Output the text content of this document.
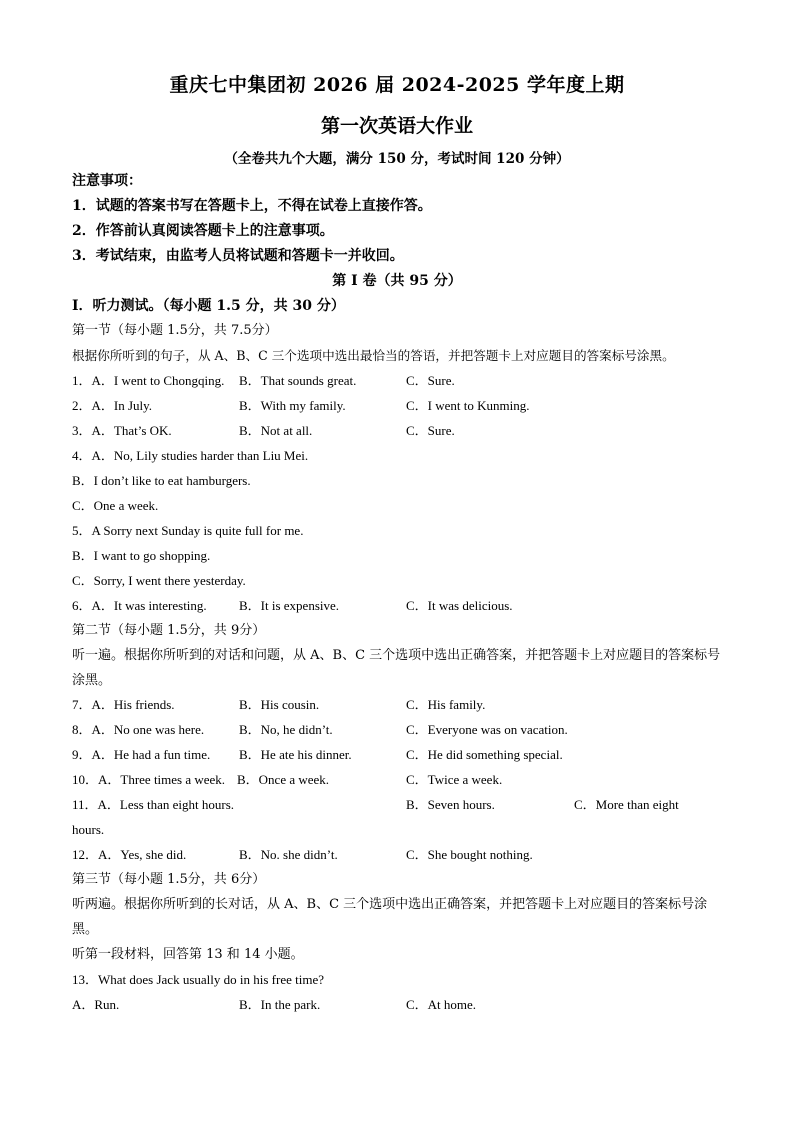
重庆七中集团初 2026 届 2024-2025 学年度上期
第一次英语大作业
（全卷共九个大题，满分 150 分，考试时间 120 分钟）
注意事项：
1．试题的答案书写在答题卡上，不得在试卷上直接作答。
2．作答前认真阅读答题卡上的注意事项。
3．考试结束，由监考人员将试题和答题卡一并收回。
第 I 卷（共 95 分）
I．听力测试。（每小题 1.5 分，共 30 分）
第一节（每小题 1.5分，共 7.5分）
根据你所听到的句子，从 A、B、C 三个选项中选出最恰当的答语，并把答题卡上对应题目的答案标号涂黑。
1．A．I went to Chongqing. B．That sounds great.	C．Sure.
2．A．In July.	B．With my family.	C．I went to Kunming.
3．A．That’s OK.	B．Not at all.	C．Sure.
4．A．No, Lily studies harder than Liu Mei.
B．I don’t like to eat hamburgers.
C．One a week.
5．A Sorry next Sunday is quite full for me.
B．I want to go shopping.
C．Sorry, I went there yesterday.
6．A．It was interesting. B．It is expensive.	C．It was delicious.
第二节（每小题 1.5分，共 9分）
听一遍。根据你所听到的对话和问题，从 A、B、C 三个选项中选出正确答案，并把答题卡上对应题目的答案标号涂黑。
7．A．His friends.	B．His cousin.	C．His family.
8．A．No one was here.	B．No, he didn’t.	C．Everyone was on vacation.
9．A．He had a fun time. B．He ate his dinner.	C．He did something special.
10．A．Three times a week. B．Once a week.	C．Twice a week.
11．A．Less than eight hours.	B．Seven hours.	C．More than eight
hours.
12．A．Yes, she did.	B．No. she didn’t.	C．She bought nothing.
第三节（每小题 1.5分，共 6分）
听两遍。根据你所听到的长对话，从 A、B、C 三个选项中选出正确答案，并把答题卡上对应题目的答案标号涂黑。
听第一段材料，回答第 13 和 14 小题。
13．What does Jack usually do in his free time?
A．Run.	B．In the park.	C．At home.
